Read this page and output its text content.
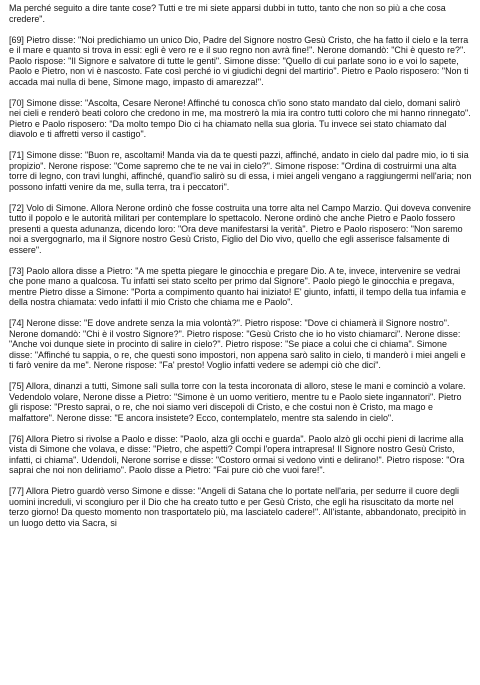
Ma perché seguito a dire tante cose? Tutti e tre mi siete apparsi dubbi in tutto, tanto che non so più a che cosa credere".

[69] Pietro disse: "Noi predichiamo un unico Dio, Padre del Signore nostro Gesù Cristo, che ha fatto il cielo e la terra e il mare e quanto si trova in essi: egli è vero re e il suo regno non avrà fine!". Nerone domandò: "Chi è questo re?". Paolo rispose: "Il Signore e salvatore di tutte le genti". Simone disse: "Quello di cui parlate sono io e voi lo sapete, Paolo e Pietro, non vi è nascosto. Fate così perché io vi giudichi degni del martirio". Pietro e Paolo risposero: "Non ti accada mai nulla di bene, Simone mago, impasto di amarezza!".

[70] Simone disse: "Ascolta, Cesare Nerone! Affinché tu conosca ch'io sono stato mandato dal cielo, domani salirò nei cieli e renderò beati coloro che credono in me, ma mostrerò la mia ira contro tutti coloro che mi hanno rinnegato". Pietro e Paolo risposero: "Da molto tempo Dio ci ha chiamato nella sua gloria. Tu invece sei stato chiamato dal diavolo e ti affretti verso il castigo".

[71] Simone disse: "Buon re, ascoltami! Manda via da te questi pazzi, affinché, andato in cielo dal padre mio, io ti sia propizio". Nerone rispose: "Come sapremo che te ne vai in cielo?". Simone rispose: "Ordina di costruirmi una alta torre di legno, con travi lunghi, affinché, quand'io salirò su di essa, i miei angeli vengano a raggiungermi nell'aria; non possono infatti venire da me, sulla terra, tra i peccatori".

[72] Volo di Simone. Allora Nerone ordinò che fosse costruita una torre alta nel Campo Marzio. Qui doveva convenire tutto il popolo e le autorità militari per contemplare lo spettacolo. Nerone ordinò che anche Pietro e Paolo fossero presenti a questa adunanza, dicendo loro: "Ora deve manifestarsi la verità". Pietro e Paolo risposero: "Non saremo noi a svergognarlo, ma il Signore nostro Gesù Cristo, Figlio del Dio vivo, quello che egli asserisce falsamente di essere".

[73] Paolo allora disse a Pietro: "A me spetta piegare le ginocchia e pregare Dio. A te, invece, intervenire se vedrai che pone mano a qualcosa. Tu infatti sei stato scelto per primo dal Signore". Paolo piegò le ginocchia e pregava, mentre Pietro disse a Simone: "Porta a compimento quanto hai iniziato! E' giunto, infatti, il tempo della tua infamia e della nostra chiamata: vedo infatti il mio Cristo che chiama me e Paolo".

[74] Nerone disse: "E dove andrete senza la mia volontà?". Pietro rispose: "Dove ci chiamerà il Signore nostro". Nerone domandò: "Chi è il vostro Signore?". Pietro rispose: "Gesù Cristo che io ho visto chiamarci". Nerone disse: "Anche voi dunque siete in procinto di salire in cielo?". Pietro rispose: "Se piace a colui che ci chiama". Simone disse: "Affinché tu sappia, o re, che questi sono impostori, non appena sarò salito in cielo, ti manderò i miei angeli e ti farò venire da me". Nerone rispose: "Fa' presto! Voglio infatti vedere se adempi ciò che dici".

[75] Allora, dinanzi a tutti, Simone salì sulla torre con la testa incoronata di alloro, stese le mani e cominciò a volare. Vedendolo volare, Nerone disse a Pietro: "Simone è un uomo veritiero, mentre tu e Paolo siete ingannatori". Pietro gli rispose: "Presto saprai, o re, che noi siamo veri discepoli di Cristo, e che costui non è Cristo, ma mago e malfattore". Nerone disse: "E ancora insistete? Ecco, contemplatelo, mentre sta salendo in cielo".

[76] Allora Pietro si rivolse a Paolo e disse: "Paolo, alza gli occhi e guarda". Paolo alzò gli occhi pieni di lacrime alla vista di Simone che volava, e disse: "Pietro, che aspetti? Compi l'opera intrapresa! Il Signore nostro Gesù Cristo, infatti, ci chiama". Udendoli, Nerone sorrise e disse: "Costoro ormai si vedono vinti e delirano!". Pietro rispose: "Ora saprai che noi non deliriamo". Paolo disse a Pietro: "Fai pure ciò che vuoi fare!".

[77] Allora Pietro guardò verso Simone e disse: "Angeli di Satana che lo portate nell'aria, per sedurre il cuore degli uomini increduli, vi scongiuro per il Dio che ha creato tutto e per Gesù Cristo, che egli ha risuscitato da morte nel terzo giorno! Da questo momento non trasportatelo più, ma lasciatelo cadere!". All'istante, abbandonato, precipitò in un luogo detto via Sacra, si
